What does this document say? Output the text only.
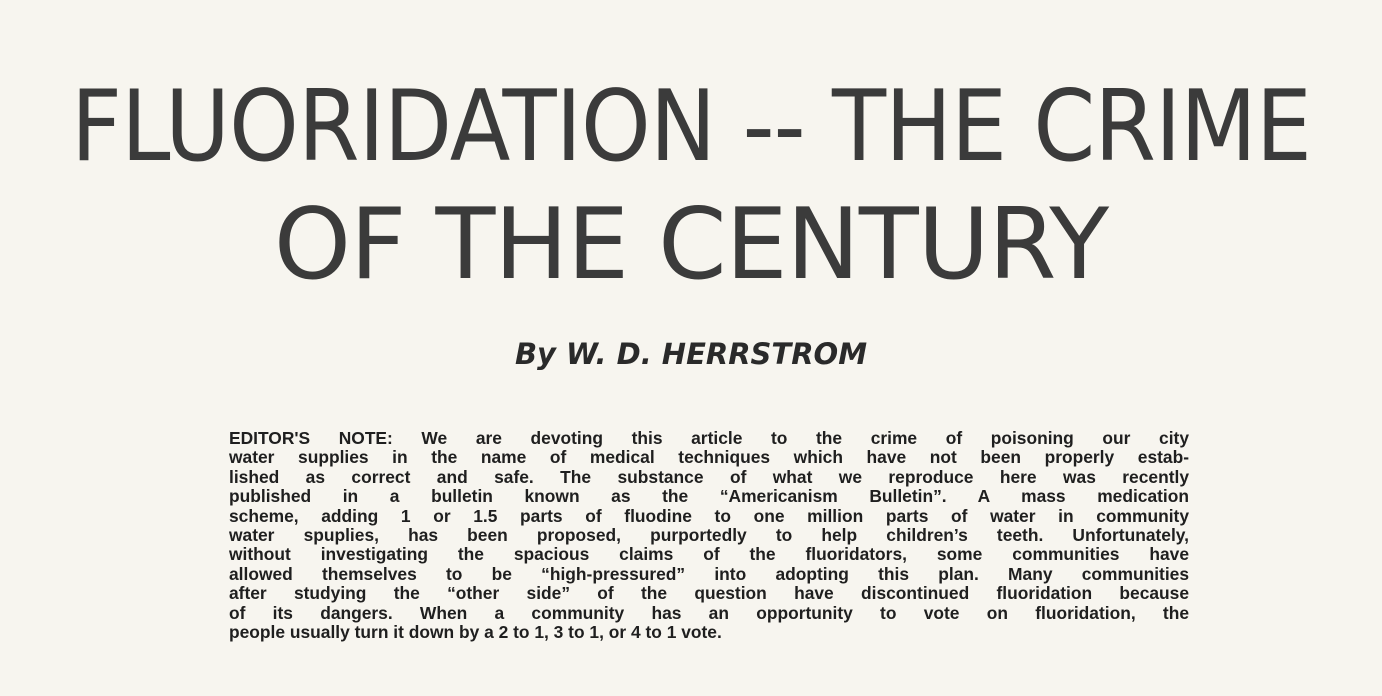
FLUORIDATION -- THE CRIME
OF THE CENTURY
By W. D. HERRSTROM
EDITOR'S NOTE: We are devoting this article to the crime of poisoning our city
water supplies in the name of medical techniques which have not been properly estab-
lished as correct and safe. The substance of what we reproduce here was recently
published in a bulletin known as the “Americanism Bulletin”. A mass medication
scheme, adding 1 or 1.5 parts of fluodine to one million parts of water in community
water spuplies, has been proposed, purportedly to help children’s teeth. Unfortunately,
without investigating the spacious claims of the fluoridators, some communities have
allowed themselves to be “high-pressured” into adopting this plan. Many communities
after studying the “other side” of the question have discontinued fluoridation because
of its dangers. When a community has an opportunity to vote on fluoridation, the
people usually turn it down by a 2 to 1, 3 to 1, or 4 to 1 vote.
